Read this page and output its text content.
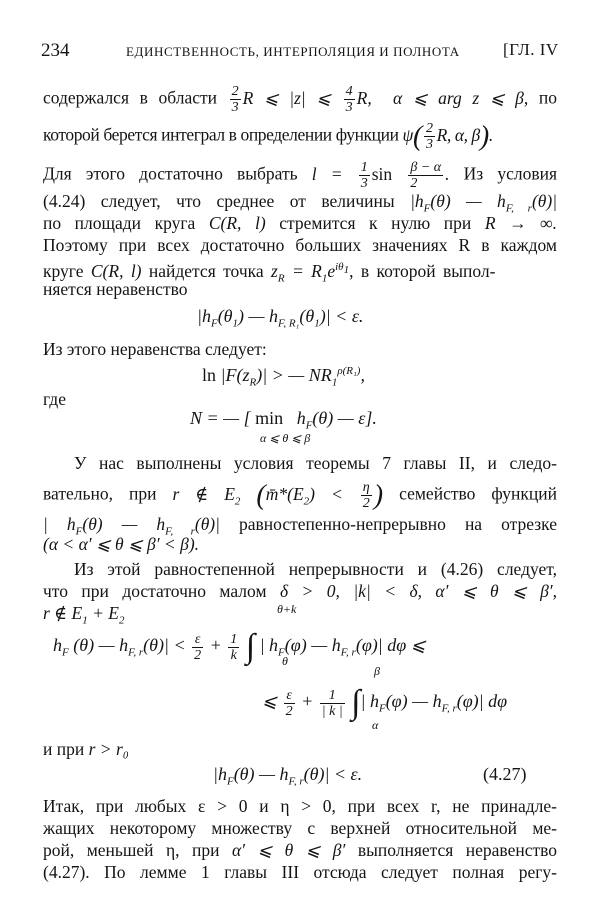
234	ЕДИНСТВЕННОСТЬ, ИНТЕРПОЛЯЦИЯ И ПОЛНОТА	[ГЛ. IV
содержался в области $\frac{2}{3}$ R ⩽ |z| ⩽ $\frac{4}{3} R$,  α ⩽ arg z ⩽ β, по
которой берется интеграл в определении функции $\psi( \frac{2}{3} R$, α, β).
Для этого достаточно выбрать $l = \frac{1}{3}$ $\sin \frac{\beta - \alpha}{2}$ . Из условия
(4.24) следует, что среднее от величины $|h_F(\theta)$ — $h_{F, r}(\theta)|$
по площади круга C(R, l) стремится к нулю при R → ∞.
Поэтому при всех достаточно больших значениях R в каждом
круге C(R, l) найдется точка $z_R = R_1e^{i\theta_1}$, в которой выпол-
няется неравенство
$|h_F(\theta_1)$ — $h_{F, R_1}(\theta_1)| < \varepsilon$.
Из этого неравенства следует:
$\ln |F(z_R)|$ > — $NR_1^{\rho(R_1)}$,
где
N = — [ $\min h_F(\theta)$ — ε].
α ⩽ θ ⩽ β
У нас выполнены условия теоремы 7 главы II, и следо-
вательно, при r ∉ $E_2$ ($m̄*(E_2) < \frac{\eta}{2}$ ) семейство функций
| $h_F(\theta)$ — $h_{F, r}(\theta)|$ равностепенно-непрерывно на отрезке
(α < α′ ⩽ θ ⩽ β′ < β).
Из этой равностепенной непрерывности и (4.26) следует,
что при достаточно малом δ > 0, |k| < δ, α′ ⩽ θ ⩽ β′,
r ∉ $E_1 + E_2$
θ+k
$h_F$ (θ) — $h_{F, r}(\theta)| < \frac{\varepsilon}{2} + \frac{1}{k}$ ∫ | $h_F(\varphi)$ — $h_{F, r}(\varphi)|$ dφ ⩽
θ
β
⩽ $\frac{\varepsilon}{2} + \frac{1}{| k |}$ ∫| $h_F(\varphi)$ — $h_{F, r}(\varphi)|$ dφ
α
и при r > r₀
$|h_F(\theta)$ — $h_{F, r}(\theta)| < \varepsilon$.	(4.27)
Итак, при любых ε > 0 и η > 0, при всех r, не принадле-
жащих некоторому множеству с верхней относительной ме-
рой, меньшей η, при α′ ⩽ θ ⩽ β′ выполняется неравенство
(4.27). По лемме 1 главы III отсюда следует полная регу-
